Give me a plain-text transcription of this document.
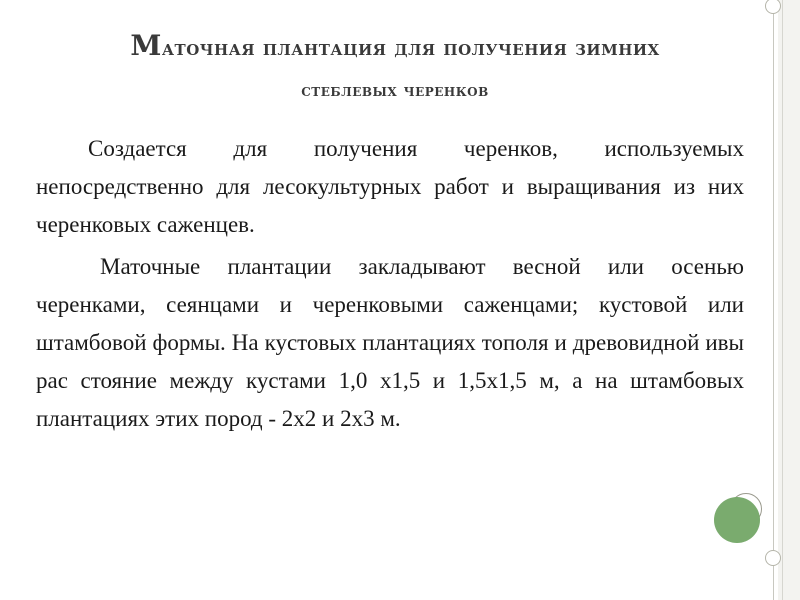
Маточная плантация для получения зимних
стеблевых черенков

Создается для получения черенков, используемых непосредственно для лесокультурных работ и выращивания из них черенковых саженцев.

Маточные плантации закладывают весной или осенью черенками, сеянцами и черенковыми саженцами; кустовой или штамбовой формы. На кустовых плантациях тополя и древовидной ивы рас стояние между кустами 1,0 х1,5 и 1,5х1,5 м, а на штамбовых плантациях этих пород - 2х2 и 2х3 м.
